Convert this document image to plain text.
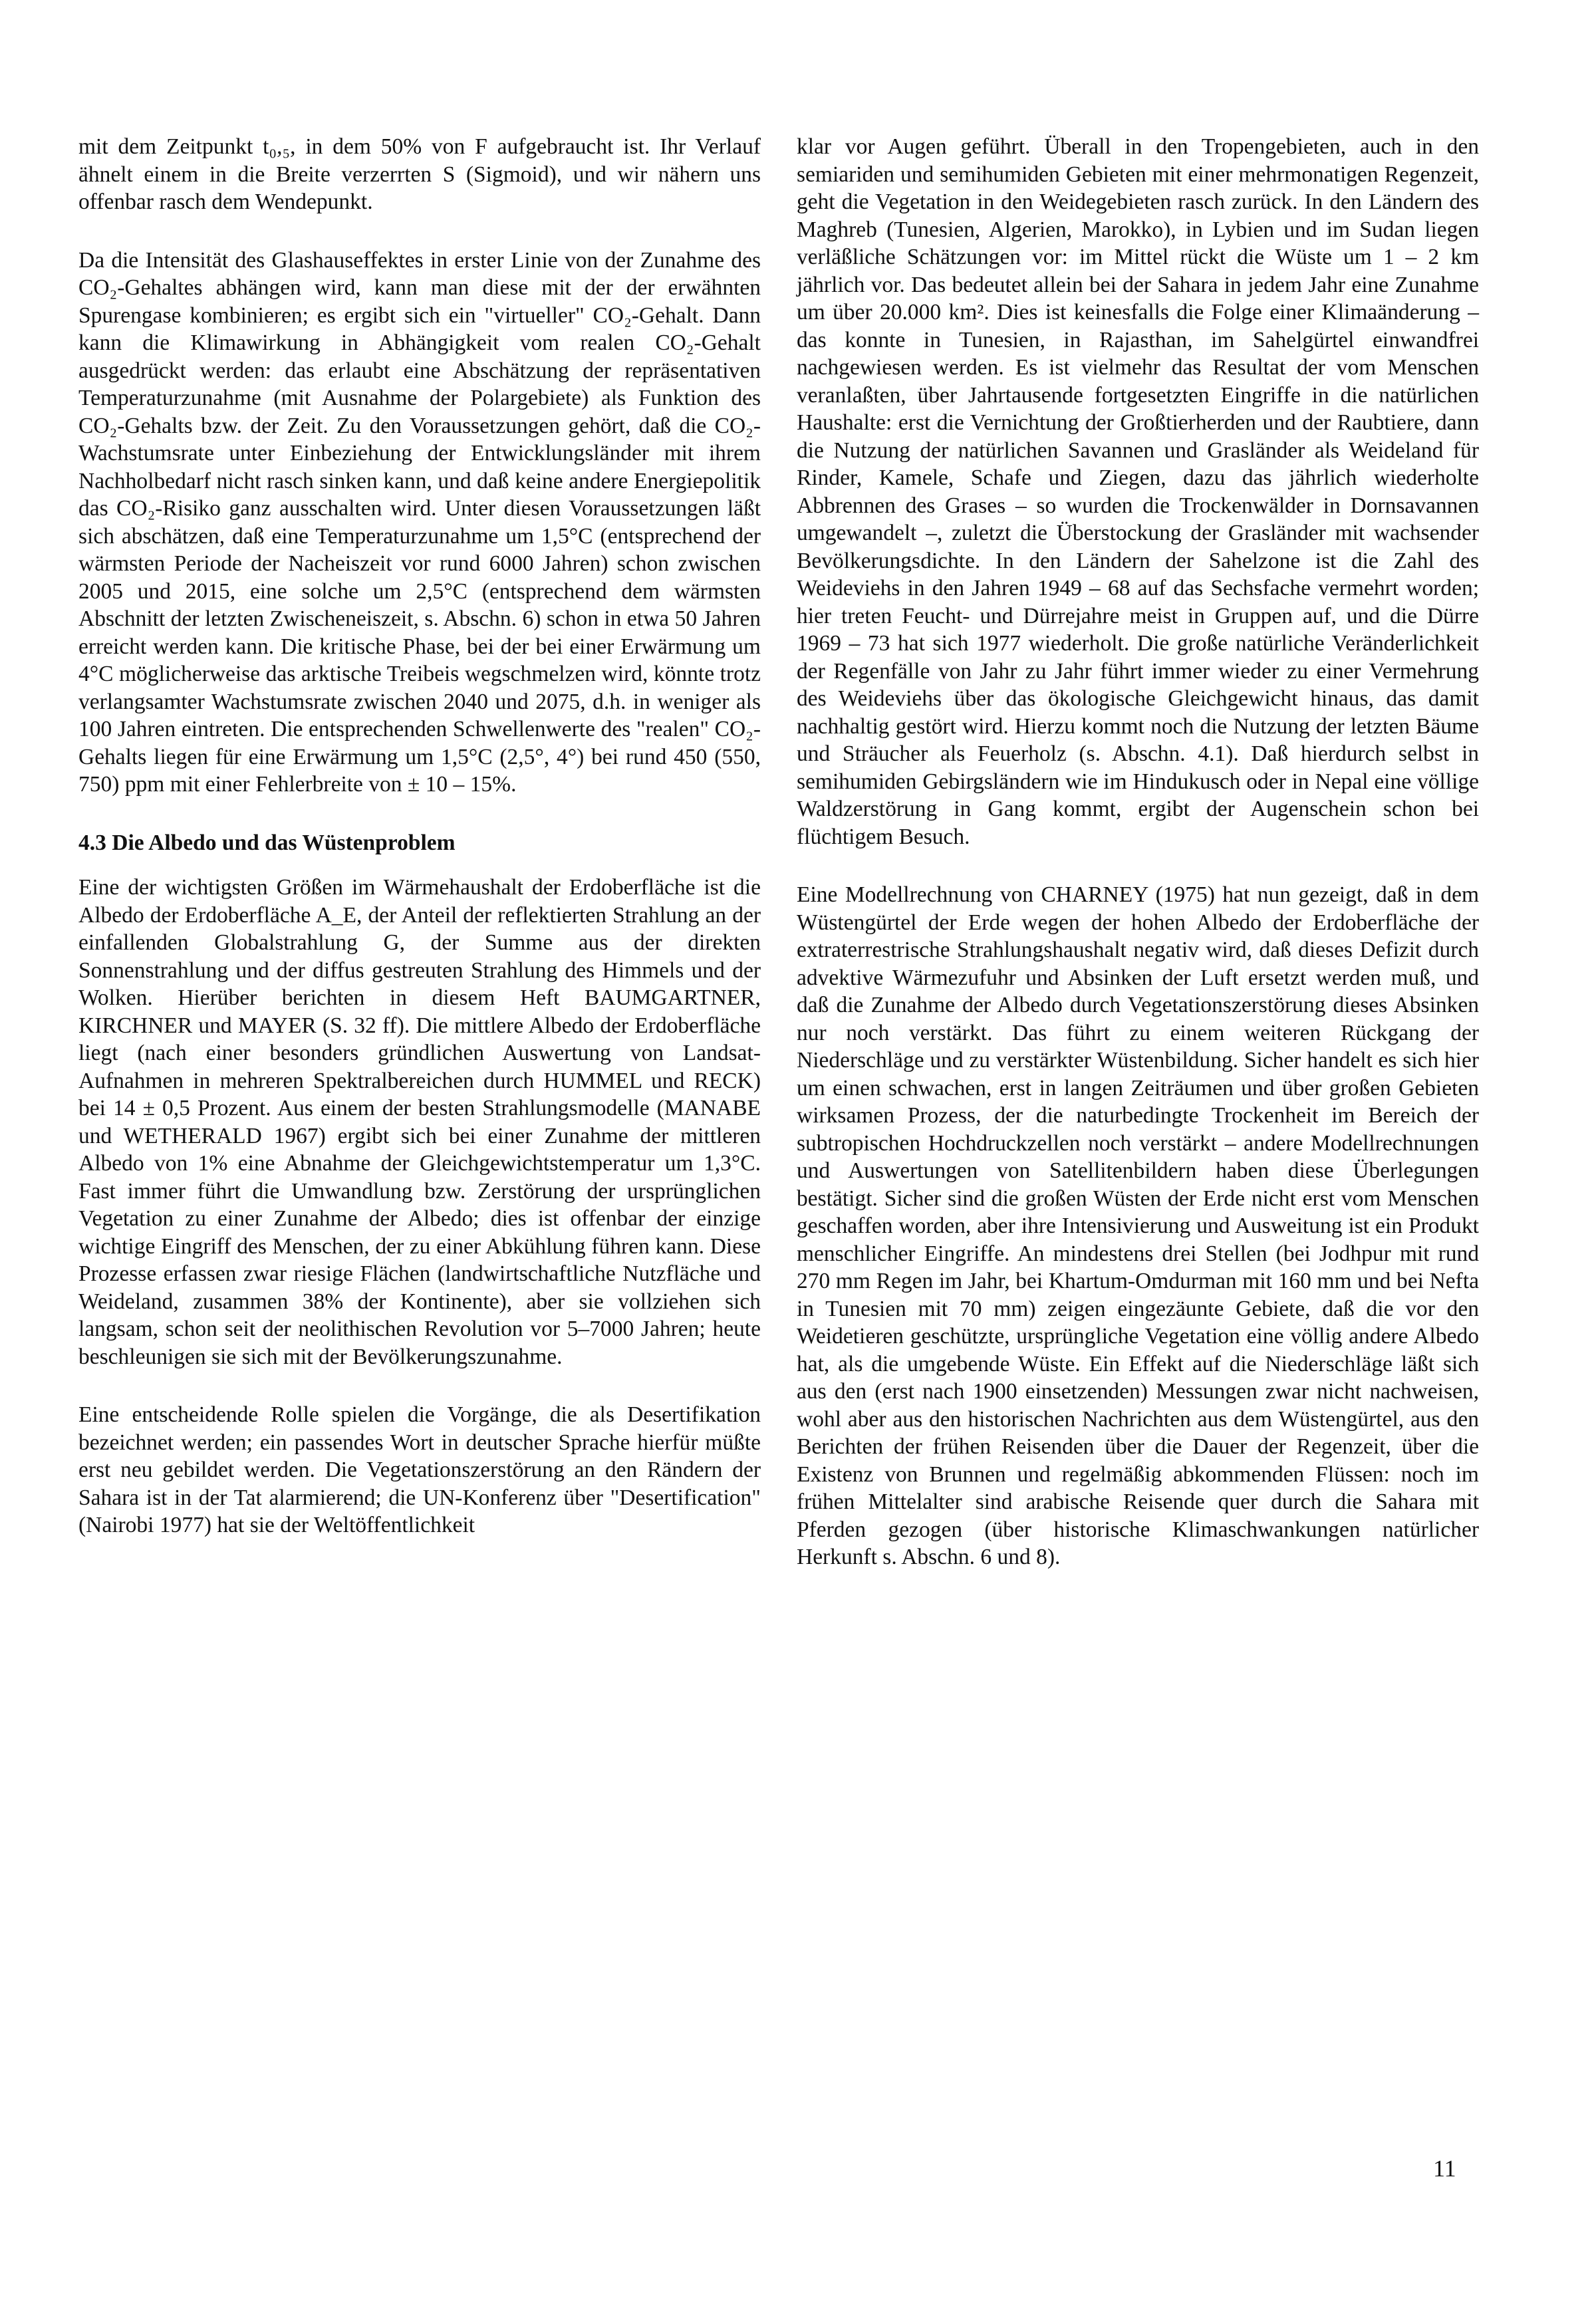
mit dem Zeitpunkt t₀,₅, in dem 50% von F aufgebraucht ist. Ihr Verlauf ähnelt einem in die Breite verzerrten S (Sigmoid), und wir nähern uns offenbar rasch dem Wendepunkt.

Da die Intensität des Glashauseffektes in erster Linie von der Zunahme des CO₂-Gehaltes abhängen wird, kann man diese mit der der erwähnten Spurengase kombinieren; es ergibt sich ein "virtueller" CO₂-Gehalt. Dann kann die Klimawirkung in Abhängigkeit vom realen CO₂-Gehalt ausgedrückt werden: das erlaubt eine Abschätzung der repräsentativen Temperaturzunahme (mit Ausnahme der Polargebiete) als Funktion des CO₂-Gehalts bzw. der Zeit. Zu den Voraussetzungen gehört, daß die CO₂-Wachstumsrate unter Einbeziehung der Entwicklungsländer mit ihrem Nachholbedarf nicht rasch sinken kann, und daß keine andere Energiepolitik das CO₂-Risiko ganz ausschalten wird. Unter diesen Voraussetzungen läßt sich abschätzen, daß eine Temperaturzunahme um 1,5°C (entsprechend der wärmsten Periode der Nacheiszeit vor rund 6000 Jahren) schon zwischen 2005 und 2015, eine solche um 2,5°C (entsprechend dem wärmsten Abschnitt der letzten Zwischeneiszeit, s. Abschn. 6) schon in etwa 50 Jahren erreicht werden kann. Die kritische Phase, bei der bei einer Erwärmung um 4°C möglicherweise das arktische Treibeis wegschmelzen wird, könnte trotz verlangsamter Wachstumsrate zwischen 2040 und 2075, d.h. in weniger als 100 Jahren eintreten. Die entsprechenden Schwellenwerte des "realen" CO₂-Gehalts liegen für eine Erwärmung um 1,5°C (2,5°, 4°) bei rund 450 (550, 750) ppm mit einer Fehlerbreite von ± 10 – 15%.

4.3 Die Albedo und das Wüstenproblem

Eine der wichtigsten Größen im Wärmehaushalt der Erdoberfläche ist die Albedo der Erdoberfläche A_E, der Anteil der reflektierten Strahlung an der einfallenden Globalstrahlung G, der Summe aus der direkten Sonnenstrahlung und der diffus gestreuten Strahlung des Himmels und der Wolken. Hierüber berichten in diesem Heft BAUMGARTNER, KIRCHNER und MAYER (S. 32 ff). Die mittlere Albedo der Erdoberfläche liegt (nach einer besonders gründlichen Auswertung von Landsat-Aufnahmen in mehreren Spektralbereichen durch HUMMEL und RECK) bei 14 ± 0,5 Prozent. Aus einem der besten Strahlungsmodelle (MANABE und WETHERALD 1967) ergibt sich bei einer Zunahme der mittleren Albedo von 1% eine Abnahme der Gleichgewichtstemperatur um 1,3°C. Fast immer führt die Umwandlung bzw. Zerstörung der ursprünglichen Vegetation zu einer Zunahme der Albedo; dies ist offenbar der einzige wichtige Eingriff des Menschen, der zu einer Abkühlung führen kann. Diese Prozesse erfassen zwar riesige Flächen (landwirtschaftliche Nutzfläche und Weideland, zusammen 38% der Kontinente), aber sie vollziehen sich langsam, schon seit der neolithischen Revolution vor 5–7000 Jahren; heute beschleunigen sie sich mit der Bevölkerungszunahme.

Eine entscheidende Rolle spielen die Vorgänge, die als Desertifikation bezeichnet werden; ein passendes Wort in deutscher Sprache hierfür müßte erst neu gebildet werden. Die Vegetationszerstörung an den Rändern der Sahara ist in der Tat alarmierend; die UN-Konferenz über "Desertification" (Nairobi 1977) hat sie der Weltöffentlichkeit

klar vor Augen geführt. Überall in den Tropengebieten, auch in den semiariden und semihumiden Gebieten mit einer mehrmonatigen Regenzeit, geht die Vegetation in den Weidegebieten rasch zurück. In den Ländern des Maghreb (Tunesien, Algerien, Marokko), in Lybien und im Sudan liegen verläßliche Schätzungen vor: im Mittel rückt die Wüste um 1 – 2 km jährlich vor. Das bedeutet allein bei der Sahara in jedem Jahr eine Zunahme um über 20.000 km². Dies ist keinesfalls die Folge einer Klimaänderung – das konnte in Tunesien, in Rajasthan, im Sahelgürtel einwandfrei nachgewiesen werden. Es ist vielmehr das Resultat der vom Menschen veranlaßten, über Jahrtausende fortgesetzten Eingriffe in die natürlichen Haushalte: erst die Vernichtung der Großtierherden und der Raubtiere, dann die Nutzung der natürlichen Savannen und Grasländer als Weideland für Rinder, Kamele, Schafe und Ziegen, dazu das jährlich wiederholte Abbrennen des Grases – so wurden die Trockenwälder in Dornsavannen umgewandelt –, zuletzt die Überstockung der Grasländer mit wachsender Bevölkerungsdichte. In den Ländern der Sahelzone ist die Zahl des Weideviehs in den Jahren 1949 – 68 auf das Sechsfache vermehrt worden; hier treten Feucht- und Dürrejahre meist in Gruppen auf, und die Dürre 1969 – 73 hat sich 1977 wiederholt. Die große natürliche Veränderlichkeit der Regenfälle von Jahr zu Jahr führt immer wieder zu einer Vermehrung des Weideviehs über das ökologische Gleichgewicht hinaus, das damit nachhaltig gestört wird. Hierzu kommt noch die Nutzung der letzten Bäume und Sträucher als Feuerholz (s. Abschn. 4.1). Daß hierdurch selbst in semihumiden Gebirgsländern wie im Hindukusch oder in Nepal eine völlige Waldzerstörung in Gang kommt, ergibt der Augenschein schon bei flüchtigem Besuch.

Eine Modellrechnung von CHARNEY (1975) hat nun gezeigt, daß in dem Wüstengürtel der Erde wegen der hohen Albedo der Erdoberfläche der extraterrestrische Strahlungshaushalt negativ wird, daß dieses Defizit durch advektive Wärmezufuhr und Absinken der Luft ersetzt werden muß, und daß die Zunahme der Albedo durch Vegetationszerstörung dieses Absinken nur noch verstärkt. Das führt zu einem weiteren Rückgang der Niederschläge und zu verstärkter Wüstenbildung. Sicher handelt es sich hier um einen schwachen, erst in langen Zeiträumen und über großen Gebieten wirksamen Prozess, der die naturbedingte Trockenheit im Bereich der subtropischen Hochdruckzellen noch verstärkt – andere Modellrechnungen und Auswertungen von Satellitenbildern haben diese Überlegungen bestätigt. Sicher sind die großen Wüsten der Erde nicht erst vom Menschen geschaffen worden, aber ihre Intensivierung und Ausweitung ist ein Produkt menschlicher Eingriffe. An mindestens drei Stellen (bei Jodhpur mit rund 270 mm Regen im Jahr, bei Khartum-Omdurman mit 160 mm und bei Nefta in Tunesien mit 70 mm) zeigen eingezäunte Gebiete, daß die vor den Weidetieren geschützte, ursprüngliche Vegetation eine völlig andere Albedo hat, als die umgebende Wüste. Ein Effekt auf die Niederschläge läßt sich aus den (erst nach 1900 einsetzenden) Messungen zwar nicht nachweisen, wohl aber aus den historischen Nachrichten aus dem Wüstengürtel, aus den Berichten der frühen Reisenden über die Dauer der Regenzeit, über die Existenz von Brunnen und regelmäßig abkommenden Flüssen: noch im frühen Mittelalter sind arabische Reisende quer durch die Sahara mit Pferden gezogen (über historische Klimaschwankungen natürlicher Herkunft s. Abschn. 6 und 8).

11
